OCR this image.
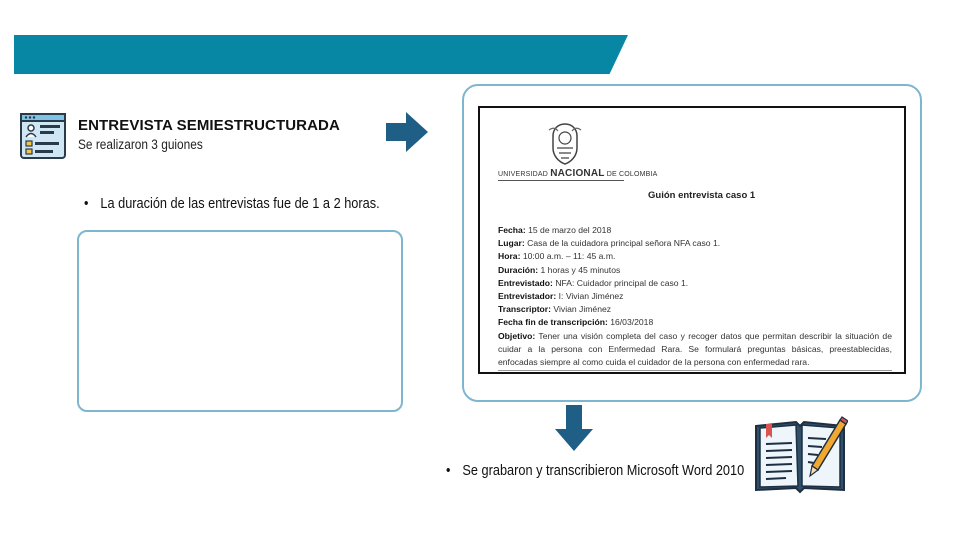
ENTREVISTA SEMIESTRUCTURADA
Se realizaron 3 guiones
• La duración de las entrevistas fue de 1 a 2 horas.
UNIVERSIDAD NACIONAL DE COLOMBIA
Guión entrevista caso 1
Fecha: 15 de marzo del 2018
Lugar: Casa de la cuidadora principal señora NFA caso 1.
Hora: 10:00 a.m. – 11: 45 a.m.
Duración: 1 horas y 45 minutos
Entrevistado: NFA: Cuidador principal de caso 1.
Entrevistador: I: Vivian Jiménez
Transcriptor: Vivian Jiménez
Fecha fin de transcripción: 16/03/2018
Objetivo: Tener una visión completa del caso y recoger datos que permitan describir la situación de cuidar a la persona con Enfermedad Rara. Se formulará preguntas básicas, preestablecidas, enfocadas siempre al como cuida el cuidador de la persona con enfermedad rara.
• Se grabaron y transcribieron Microsoft Word 2010
